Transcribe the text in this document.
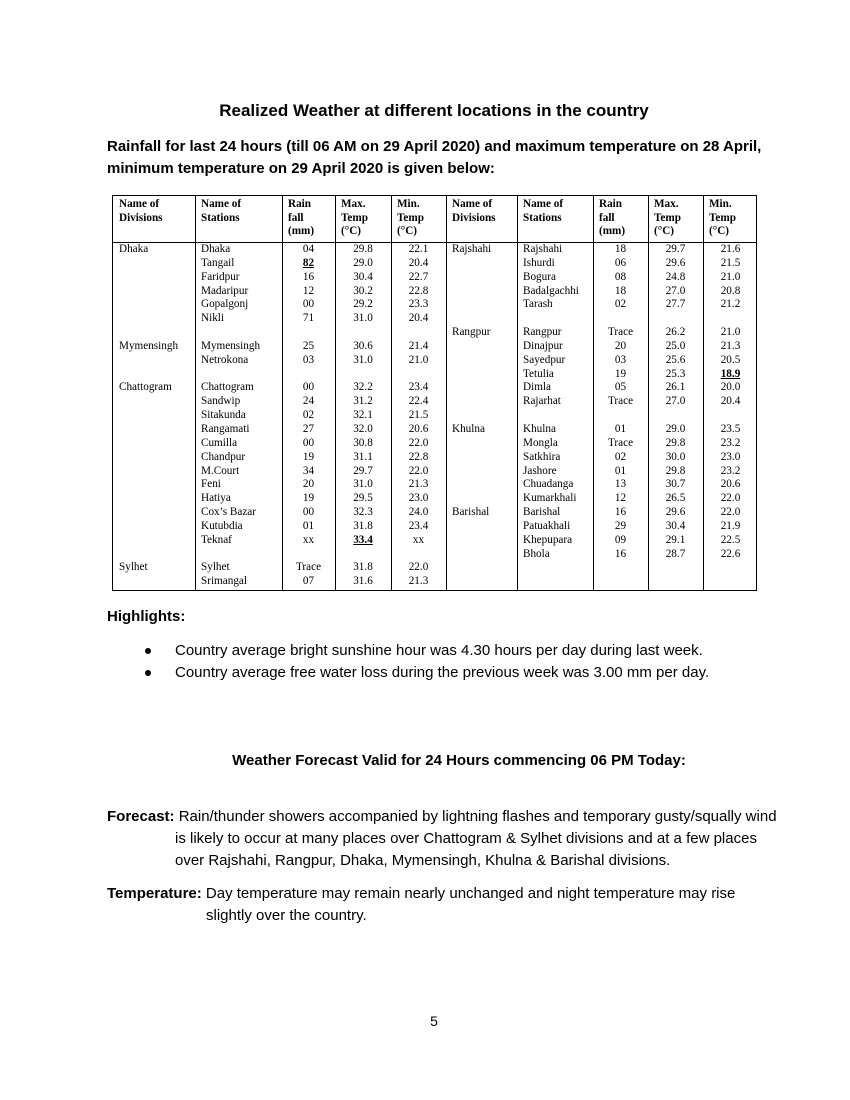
Realized Weather at different locations in the country
Rainfall for last 24 hours (till 06 AM on 29 April 2020) and maximum temperature on 28 April, minimum temperature on 29 April 2020 is given below:
Name of
Divisions
Name of
Stations
Rain
fall
(mm)
Max.
Temp
(°C)
Min.
Temp
(°C)
Name of
Divisions
Name of
Stations
Rain
fall
(mm)
Max.
Temp
(°C)
Min.
Temp
(°C)
Dhaka
Mymensingh
Chattogram
Sylhet
Dhaka
Tangail
Faridpur
Madaripur
Gopalgonj
Nikli
Mymensingh
Netrokona
Chattogram
Sandwip
Sitakunda
Rangamati
Cumilla
Chandpur
M.Court
Feni
Hatiya
Cox’s Bazar
Kutubdia
Teknaf
Sylhet
Srimangal
04
82
16
12
00
71
25
03
00
24
02
27
00
19
34
20
19
00
01
xx
Trace
07
29.8
29.0
30.4
30.2
29.2
31.0
30.6
31.0
32.2
31.2
32.1
32.0
30.8
31.1
29.7
31.0
29.5
32.3
31.8
33.4
31.8
31.6
22.1
20.4
22.7
22.8
23.3
20.4
21.4
21.0
23.4
22.4
21.5
20.6
22.0
22.8
22.0
21.3
23.0
24.0
23.4
xx
22.0
21.3
Rajshahi
Rangpur
Khulna
Barishal
Rajshahi
Ishurdi
Bogura
Badalgachhi
Tarash
Rangpur
Dinajpur
Sayedpur
Tetulia
Dimla
Rajarhat
Khulna
Mongla
Satkhira
Jashore
Chuadanga
Kumarkhali
Barishal
Patuakhali
Khepupara
Bhola
18
06
08
18
02
Trace
20
03
19
05
Trace
01
Trace
02
01
13
12
16
29
09
16
29.7
29.6
24.8
27.0
27.7
26.2
25.0
25.6
25.3
26.1
27.0
29.0
29.8
30.0
29.8
30.7
26.5
29.6
30.4
29.1
28.7
21.6
21.5
21.0
20.8
21.2
21.0
21.3
20.5
18.9
20.0
20.4
23.5
23.2
23.0
23.2
20.6
22.0
22.0
21.9
22.5
22.6
Highlights:
Country average bright sunshine hour was 4.30 hours per day during last week.
Country average free water loss during the previous week was 3.00 mm per day.
Weather Forecast Valid for 24 Hours commencing 06 PM Today:
Forecast: Rain/thunder showers accompanied by lightning flashes and temporary gusty/squally wind is likely to occur at many places over Chattogram & Sylhet divisions and at a few places over Rajshahi, Rangpur, Dhaka, Mymensingh, Khulna & Barishal divisions.
Temperature: Day temperature may remain nearly unchanged and night temperature may rise slightly over the country.
5
